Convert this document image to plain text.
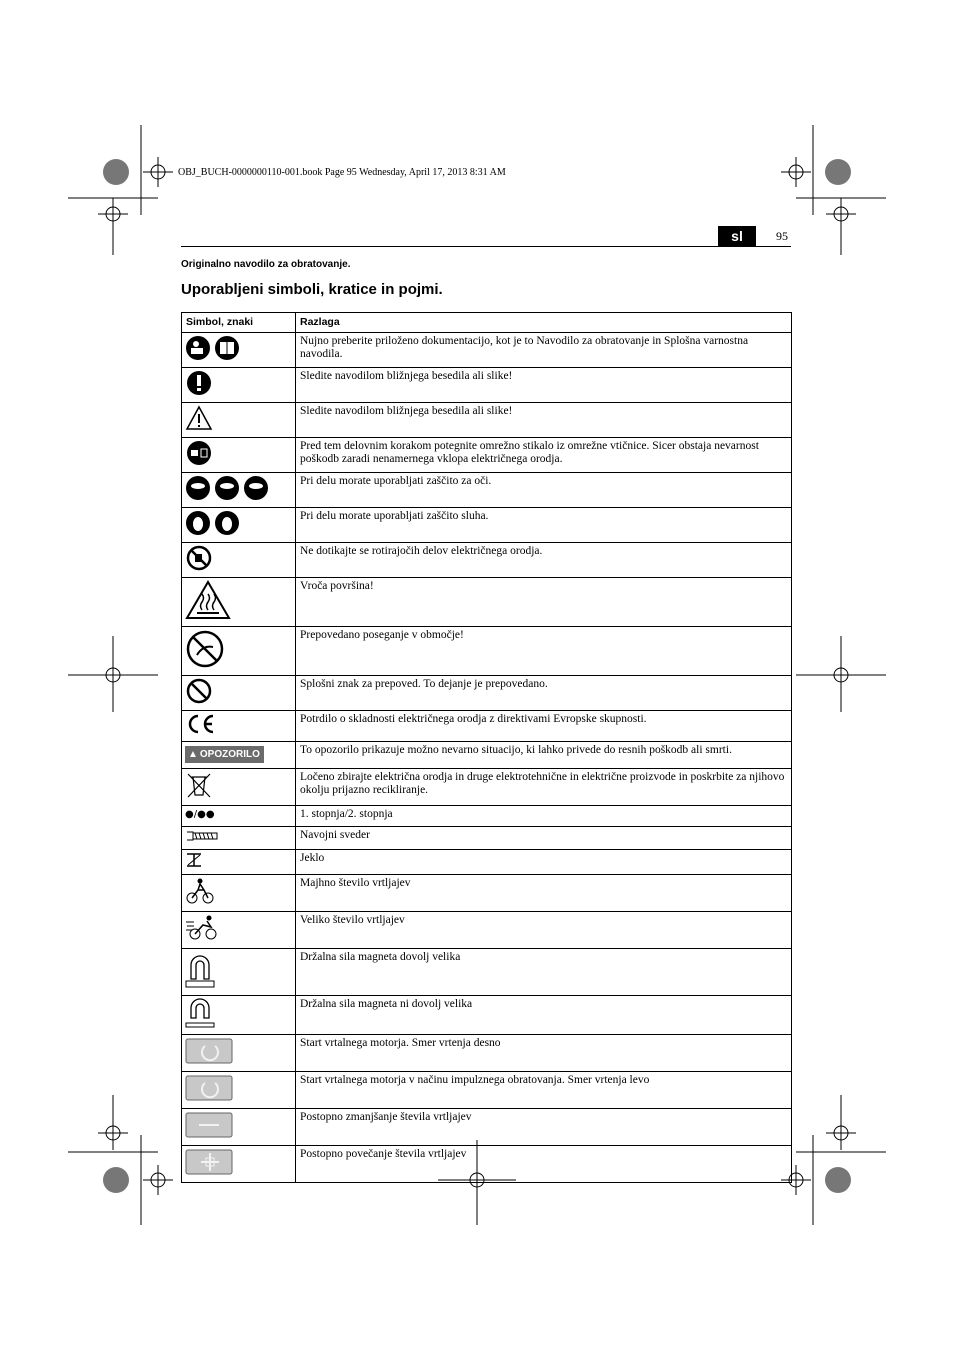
OBJ_BUCH-0000000110-001.book Page 95 Wednesday, April 17, 2013 8:31 AM
sl	95
Originalno navodilo za obratovanje.
Uporabljeni simboli, kratice in pojmi.
Simbol, znaki	Razlaga
	Nujno preberite priloženo dokumentacijo, kot je to Navodilo za obratovanje in Splošna varnostna navodila.
	Sledite navodilom bližnjega besedila ali slike!
	Sledite navodilom bližnjega besedila ali slike!
	Pred tem delovnim korakom potegnite omrežno stikalo iz omrežne vtičnice. Sicer obstaja nevarnost poškodb zaradi nenamernega vklopa električnega orodja.
	Pri delu morate uporabljati zaščito za oči.
	Pri delu morate uporabljati zaščito sluha.
	Ne dotikajte se rotirajočih delov električnega orodja.
	Vroča površina!
	Prepovedano poseganje v območje!
	Splošni znak za prepoved. To dejanje je prepovedano.
	Potrdilo o skladnosti električnega orodja z direktivami Evropske skupnosti.
▲ OPOZORILO	To opozorilo prikazuje možno nevarno situacijo, ki lahko privede do resnih poškodb ali smrti.
	Ločeno zbirajte električna orodja in druge elektrotehnične in električne proizvode in poskrbite za njihovo okolju prijazno recikliranje.
●/●●	1. stopnja/2. stopnja
	Navojni sveder
	Jeklo
	Majhno število vrtljajev
	Veliko število vrtljajev
	Držalna sila magneta dovolj velika
	Držalna sila magneta ni dovolj velika
	Start vrtalnega motorja. Smer vrtenja desno
	Start vrtalnega motorja v načinu impulznega obratovanja. Smer vrtenja levo
	Postopno zmanjšanje števila vrtljajev
	Postopno povečanje števila vrtljajev
